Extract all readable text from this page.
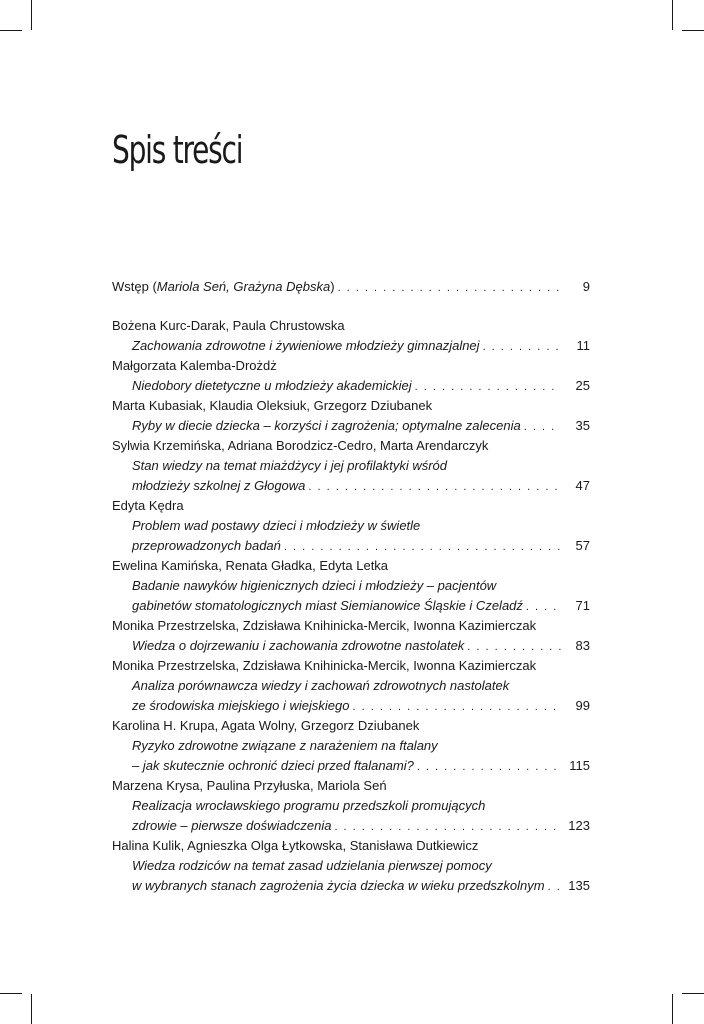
Spis treści
Wstęp (Mariola Seń, Grażyna Dębska) . . .	9
Bożena Kurc-Darak, Paula Chrustowska
Zachowania zdrowotne i żywieniowe młodzieży gimnazjalnej . . .	11
Małgorzata Kalemba-Drożdż
Niedobory dietetyczne u młodzieży akademickiej . . .	25
Marta Kubasiak, Klaudia Oleksiuk, Grzegorz Dziubanek
Ryby w diecie dziecka – korzyści i zagrożenia; optymalne zalecenia . . .	35
Sylwia Krzemińska, Adriana Borodzicz-Cedro, Marta Arendarczyk
Stan wiedzy na temat miażdżycy i jej profilaktyki wśród
młodzieży szkolnej z Głogowa . . .	47
Edyta Kędra
Problem wad postawy dzieci i młodzieży w świetle
przeprowadzonych badań . . .	57
Ewelina Kamińska, Renata Gładka, Edyta Letka
Badanie nawyków higienicznych dzieci i młodzieży – pacjentów
gabinetów stomatologicznych miast Siemianowice Śląskie i Czeladź . . .	71
Monika Przestrzelska, Zdzisława Knihinicka-Mercik, Iwonna Kazimierczak
Wiedza o dojrzewaniu i zachowania zdrowotne nastolatek . . .	83
Monika Przestrzelska, Zdzisława Knihinicka-Mercik, Iwonna Kazimierczak
Analiza porównawcza wiedzy i zachowań zdrowotnych nastolatek
ze środowiska miejskiego i wiejskiego . . .	99
Karolina H. Krupa, Agata Wolny, Grzegorz Dziubanek
Ryzyko zdrowotne związane z narażeniem na ftalany
– jak skutecznie ochronić dzieci przed ftalanami? . . .	115
Marzena Krysa, Paulina Przyłuska, Mariola Seń
Realizacja wrocławskiego programu przedszkoli promujących
zdrowie – pierwsze doświadczenia . . .	123
Halina Kulik, Agnieszka Olga Łytkowska, Stanisława Dutkiewicz
Wiedza rodziców na temat zasad udzielania pierwszej pomocy
w wybranych stanach zagrożenia życia dziecka w wieku przedszkolnym . . .	135
